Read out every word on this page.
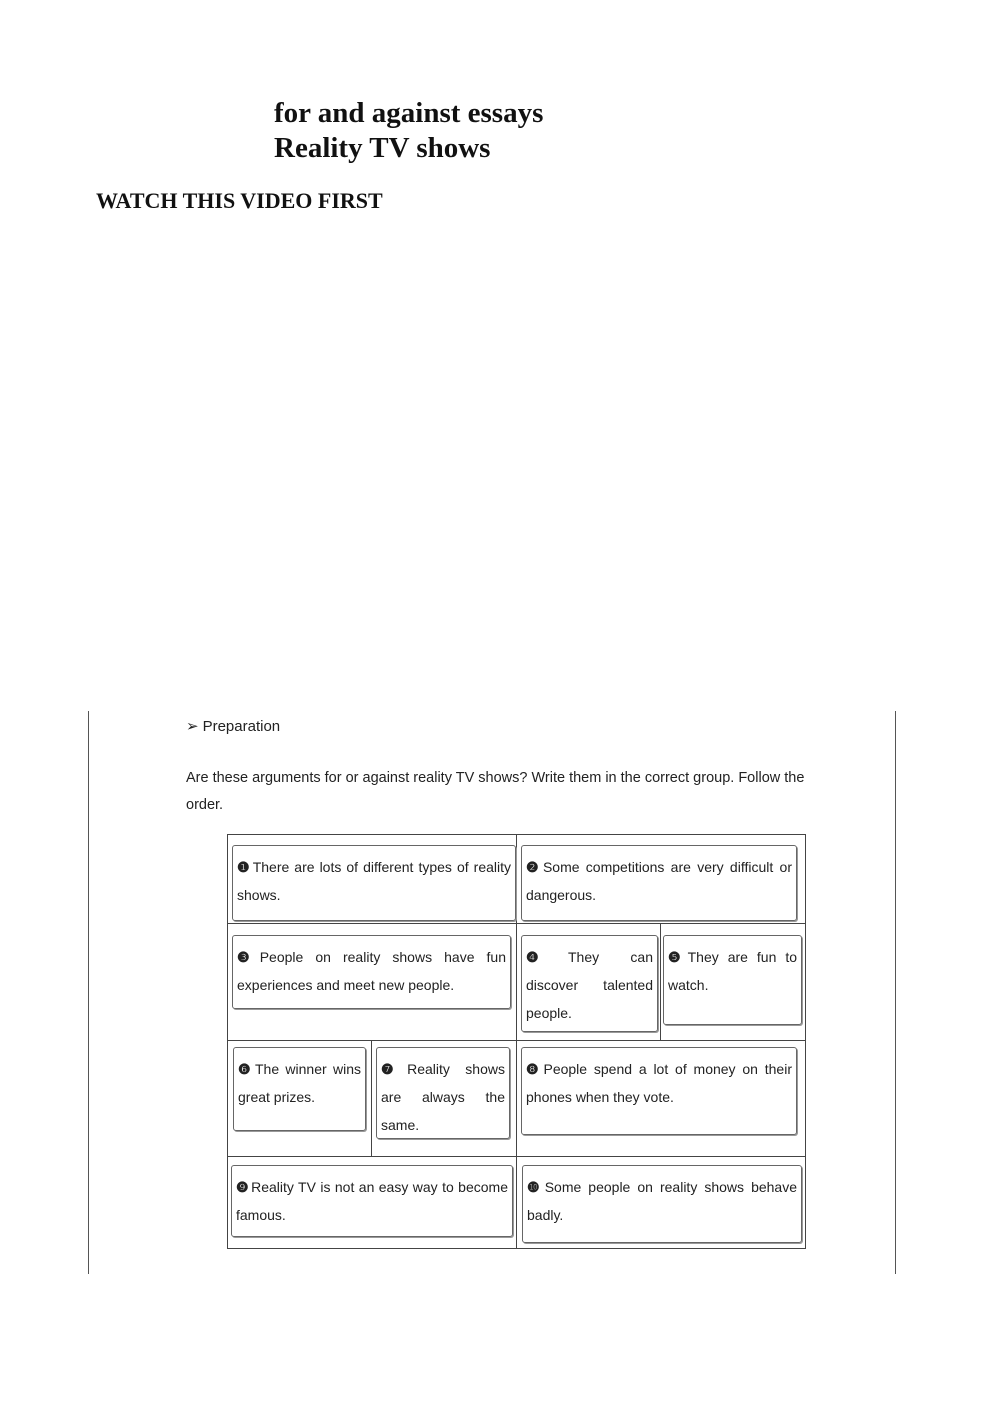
for and against essays
Reality TV shows
WATCH THIS VIDEO FIRST
➢ Preparation
Are these arguments for or against reality TV shows? Write them in the correct group. Follow the order.
❶ There are lots of different types of reality shows.
❷ Some competitions are very difficult or dangerous.
❸ People on reality shows have fun experiences and meet new people.
❹ They can discover talented people.
❺ They are fun to watch.
❻ The winner wins great prizes.
❼ Reality shows are always the same.
❽ People spend a lot of money on their phones when they vote.
❾ Reality TV is not an easy way to become famous.
❿ Some people on reality shows behave badly.
